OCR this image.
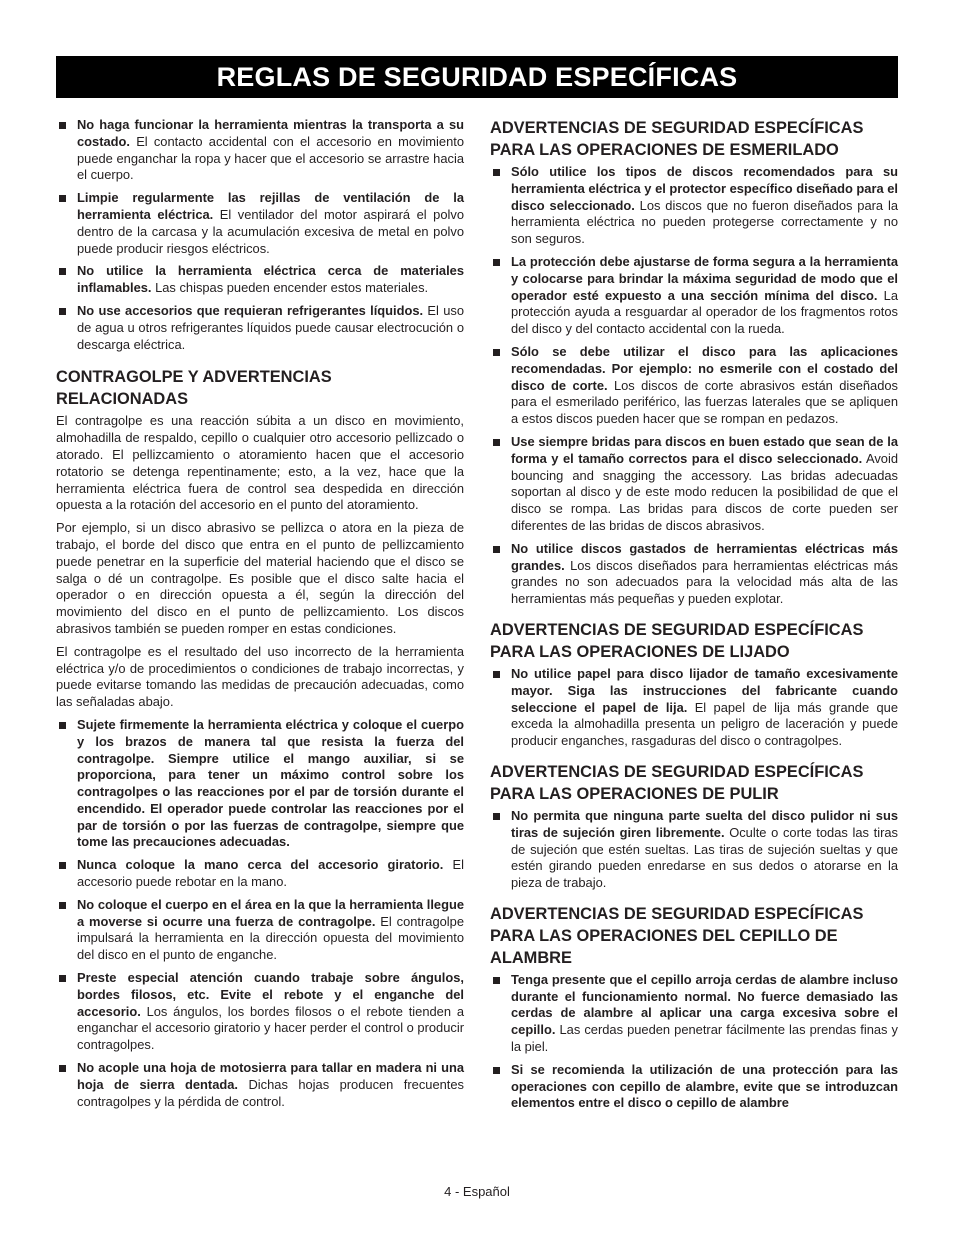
REGLAS DE SEGURIDAD ESPECÍFICAS
No haga funcionar la herramienta mientras la transporta a su costado. El contacto accidental con el accesorio en movimiento puede enganchar la ropa y hacer que el accesorio se arrastre hacia el cuerpo.
Limpie regularmente las rejillas de ventilación de la herramienta eléctrica. El ventilador del motor aspirará el polvo dentro de la carcasa y la acumulación excesiva de metal en polvo puede producir riesgos eléctricos.
No utilice la herramienta eléctrica cerca de materiales inflamables. Las chispas pueden encender estos materiales.
No use accesorios que requieran refrigerantes líquidos. El uso de agua u otros refrigerantes líquidos puede causar electrocución o descarga eléctrica.
CONTRAGOLPE Y ADVERTENCIAS RELACIONADAS

El contragolpe es una reacción súbita a un disco en movimiento, almohadilla de respaldo, cepillo o cualquier otro accesorio pellizcado o atorado. El pellizcamiento o atoramiento hacen que el accesorio rotatorio se detenga repentinamente; esto, a la vez, hace que la herramienta eléctrica fuera de control sea despedida en dirección opuesta a la rotación del accesorio en el punto del atoramiento.

Por ejemplo, si un disco abrasivo se pellizca o atora en la pieza de trabajo, el borde del disco que entra en el punto de pellizcamiento puede penetrar en la superficie del material haciendo que el disco se salga o dé un contragolpe. Es posible que el disco salte hacia el operador o en dirección opuesta a él, según la dirección del movimiento del disco en el punto de pellizcamiento. Los discos abrasivos también se pueden romper en estas condiciones.

El contragolpe es el resultado del uso incorrecto de la herramienta eléctrica y/o de procedimientos o condiciones de trabajo incorrectas, y puede evitarse tomando las medidas de precaución adecuadas, como las señaladas abajo.

Sujete firmemente la herramienta eléctrica y coloque el cuerpo y los brazos de manera tal que resista la fuerza del contragolpe. Siempre utilice el mango auxiliar, si se proporciona, para tener un máximo control sobre los contragolpes o las reacciones por el par de torsión durante el encendido. El operador puede controlar las reacciones por el par de torsión o por las fuerzas de contragolpe, siempre que tome las precauciones adecuadas.
Nunca coloque la mano cerca del accesorio giratorio. El accesorio puede rebotar en la mano.
No coloque el cuerpo en el área en la que la herramienta llegue a moverse si ocurre una fuerza de contragolpe. El contragolpe impulsará la herramienta en la dirección opuesta del movimiento del disco en el punto de enganche.
Preste especial atención cuando trabaje sobre ángulos, bordes filosos, etc. Evite el rebote y el enganche del accesorio. Los ángulos, los bordes filosos o el rebote tienden a enganchar el accesorio giratorio y hacer perder el control o producir contragolpes.
No acople una hoja de motosierra para tallar en madera ni una hoja de sierra dentada. Dichas hojas producen frecuentes contragolpes y la pérdida de control.
ADVERTENCIAS DE SEGURIDAD ESPECÍFICAS PARA LAS OPERACIONES DE ESMERILADO
Sólo utilice los tipos de discos recomendados para su herramienta eléctrica y el protector específico diseñado para el disco seleccionado. Los discos que no fueron diseñados para la herramienta eléctrica no pueden protegerse correctamente y no son seguros.
La protección debe ajustarse de forma segura a la herramienta y colocarse para brindar la máxima seguridad de modo que el operador esté expuesto a una sección mínima del disco. La protección ayuda a resguardar al operador de los fragmentos rotos del disco y del contacto accidental con la rueda.
Sólo se debe utilizar el disco para las aplicaciones recomendadas. Por ejemplo: no esmerile con el costado del disco de corte. Los discos de corte abrasivos están diseñados para el esmerilado periférico, las fuerzas laterales que se apliquen a estos discos pueden hacer que se rompan en pedazos.
Use siempre bridas para discos en buen estado que sean de la forma y el tamaño correctos para el disco seleccionado. Avoid bouncing and snagging the accessory. Las bridas adecuadas soportan al disco y de este modo reducen la posibilidad de que el disco se rompa. Las bridas para discos de corte pueden ser diferentes de las bridas de discos abrasivos.
No utilice discos gastados de herramientas eléctricas más grandes. Los discos diseñados para herramientas eléctricas más grandes no son adecuados para la velocidad más alta de las herramientas más pequeñas y pueden explotar.
ADVERTENCIAS DE SEGURIDAD ESPECÍFICAS PARA LAS OPERACIONES DE LIJADO
No utilice papel para disco lijador de tamaño excesivamente mayor. Siga las instrucciones del fabricante cuando seleccione el papel de lija. El papel de lija más grande que exceda la almohadilla presenta un peligro de laceración y puede producir enganches, rasgaduras del disco o contragolpes.
ADVERTENCIAS DE SEGURIDAD ESPECÍFICAS PARA LAS OPERACIONES DE PULIR
No permita que ninguna parte suelta del disco pulidor ni sus tiras de sujeción giren libremente. Oculte o corte todas las tiras de sujeción que estén sueltas. Las tiras de sujeción sueltas y que estén girando pueden enredarse en sus dedos o atorarse en la pieza de trabajo.
ADVERTENCIAS DE SEGURIDAD ESPECÍFICAS PARA LAS OPERACIONES DEL CEPILLO DE ALAMBRE
Tenga presente que el cepillo arroja cerdas de alambre incluso durante el funcionamiento normal. No fuerce demasiado las cerdas de alambre al aplicar una carga excesiva sobre el cepillo. Las cerdas pueden penetrar fácilmente las prendas finas y la piel.
Si se recomienda la utilización de una protección para las operaciones con cepillo de alambre, evite que se introduzcan elementos entre el disco o cepillo de alambre
4 - Español
